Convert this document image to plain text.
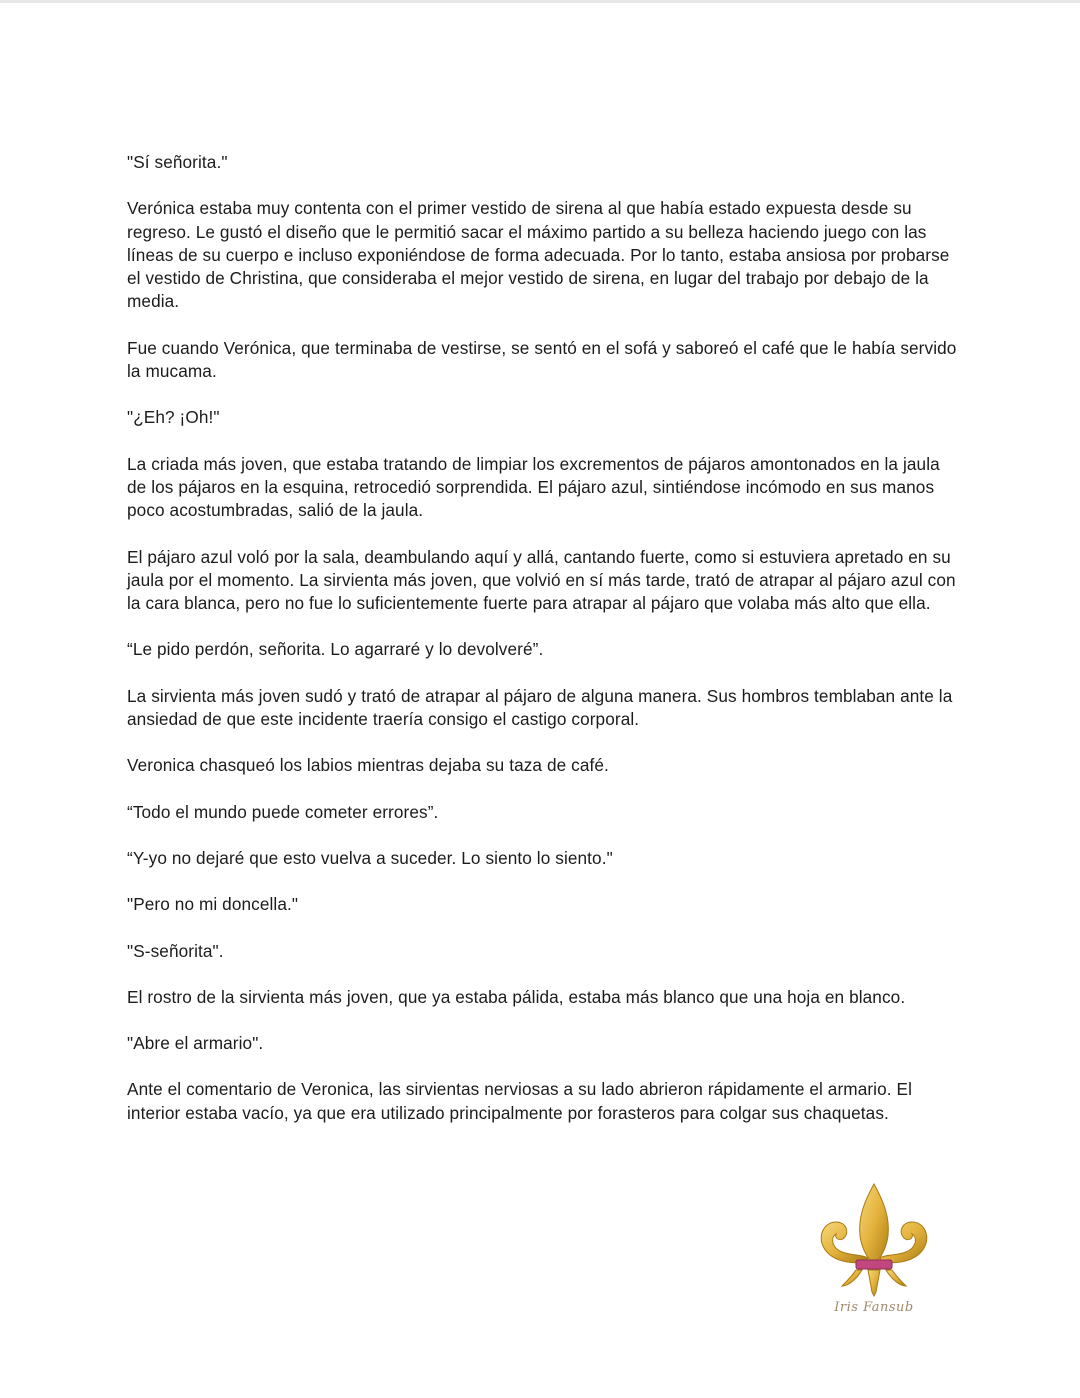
"Sí señorita."

Verónica estaba muy contenta con el primer vestido de sirena al que había estado expuesta desde su regreso. Le gustó el diseño que le permitió sacar el máximo partido a su belleza haciendo juego con las líneas de su cuerpo e incluso exponiéndose de forma adecuada. Por lo tanto, estaba ansiosa por probarse el vestido de Christina, que consideraba el mejor vestido de sirena, en lugar del trabajo por debajo de la media.

Fue cuando Verónica, que terminaba de vestirse, se sentó en el sofá y saboreó el café que le había servido la mucama.

"¿Eh? ¡Oh!"

La criada más joven, que estaba tratando de limpiar los excrementos de pájaros amontonados en la jaula de los pájaros en la esquina, retrocedió sorprendida. El pájaro azul, sintiéndose incómodo en sus manos poco acostumbradas, salió de la jaula.

El pájaro azul voló por la sala, deambulando aquí y allá, cantando fuerte, como si estuviera apretado en su jaula por el momento. La sirvienta más joven, que volvió en sí más tarde, trató de atrapar al pájaro azul con la cara blanca, pero no fue lo suficientemente fuerte para atrapar al pájaro que volaba más alto que ella.

“Le pido perdón, señorita. Lo agarraré y lo devolveré”.

La sirvienta más joven sudó y trató de atrapar al pájaro de alguna manera. Sus hombros temblaban ante la ansiedad de que este incidente traería consigo el castigo corporal.

Veronica chasqueó los labios mientras dejaba su taza de café.

“Todo el mundo puede cometer errores”.

“Y-yo no dejaré que esto vuelva a suceder. Lo siento lo siento."

"Pero no mi doncella."

"S-señorita".

El rostro de la sirvienta más joven, que ya estaba pálida, estaba más blanco que una hoja en blanco.

"Abre el armario".

Ante el comentario de Veronica, las sirvientas nerviosas a su lado abrieron rápidamente el armario. El interior estaba vacío, ya que era utilizado principalmente por forasteros para colgar sus chaquetas.

Iris Fansub
